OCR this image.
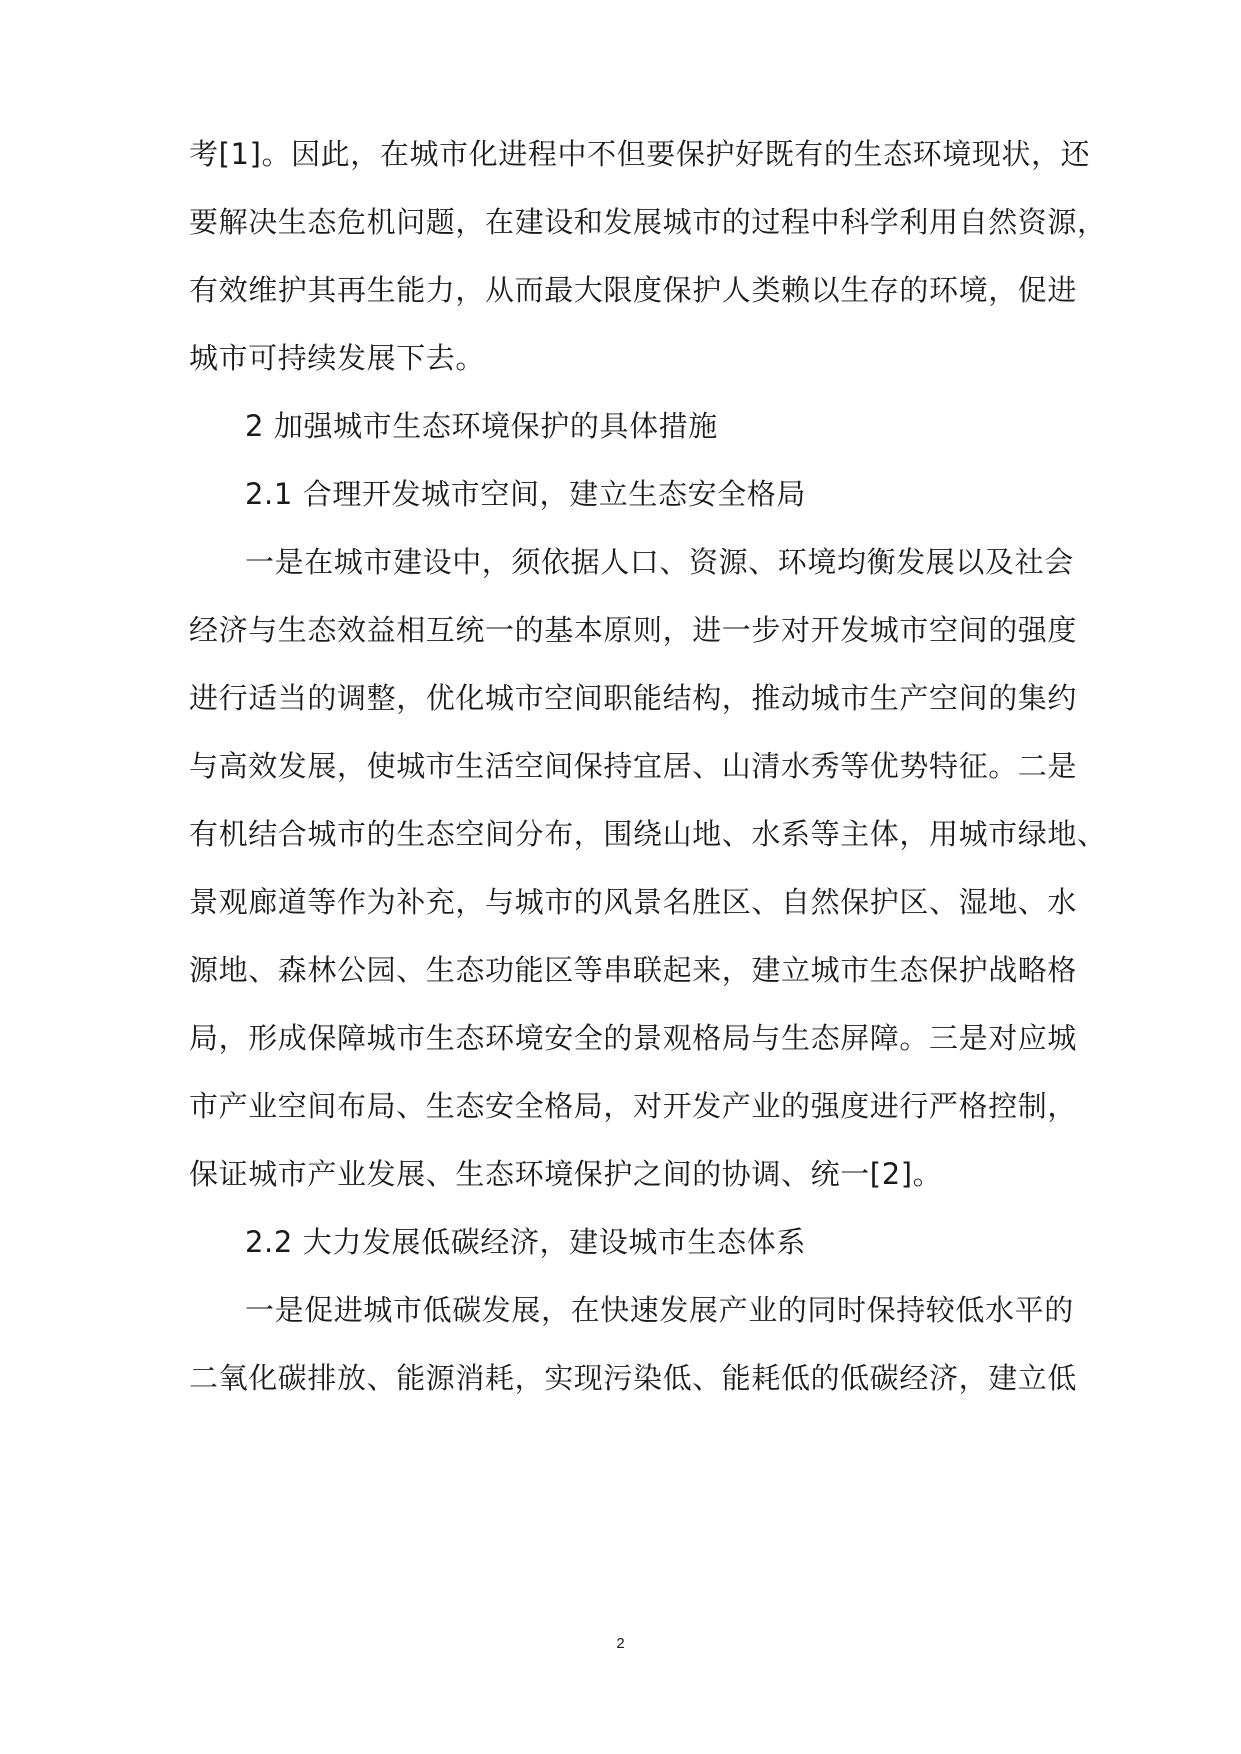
考[1]。因此，在城市化进程中不但要保护好既有的生态环境现状，还
要解决生态危机问题，在建设和发展城市的过程中科学利用自然资源，
有效维护其再生能力，从而最大限度保护人类赖以生存的环境，促进
城市可持续发展下去。
2 加强城市生态环境保护的具体措施
2.1 合理开发城市空间，建立生态安全格局
一是在城市建设中，须依据人口、资源、环境均衡发展以及社会
经济与生态效益相互统一的基本原则，进一步对开发城市空间的强度
进行适当的调整，优化城市空间职能结构，推动城市生产空间的集约
与高效发展，使城市生活空间保持宜居、山清水秀等优势特征。二是
有机结合城市的生态空间分布，围绕山地、水系等主体，用城市绿地、
景观廊道等作为补充，与城市的风景名胜区、自然保护区、湿地、水
源地、森林公园、生态功能区等串联起来，建立城市生态保护战略格
局，形成保障城市生态环境安全的景观格局与生态屏障。三是对应城
市产业空间布局、生态安全格局，对开发产业的强度进行严格控制，
保证城市产业发展、生态环境保护之间的协调、统一[2]。
2.2 大力发展低碳经济，建设城市生态体系
一是促进城市低碳发展，在快速发展产业的同时保持较低水平的
二氧化碳排放、能源消耗，实现污染低、能耗低的低碳经济，建立低
2
